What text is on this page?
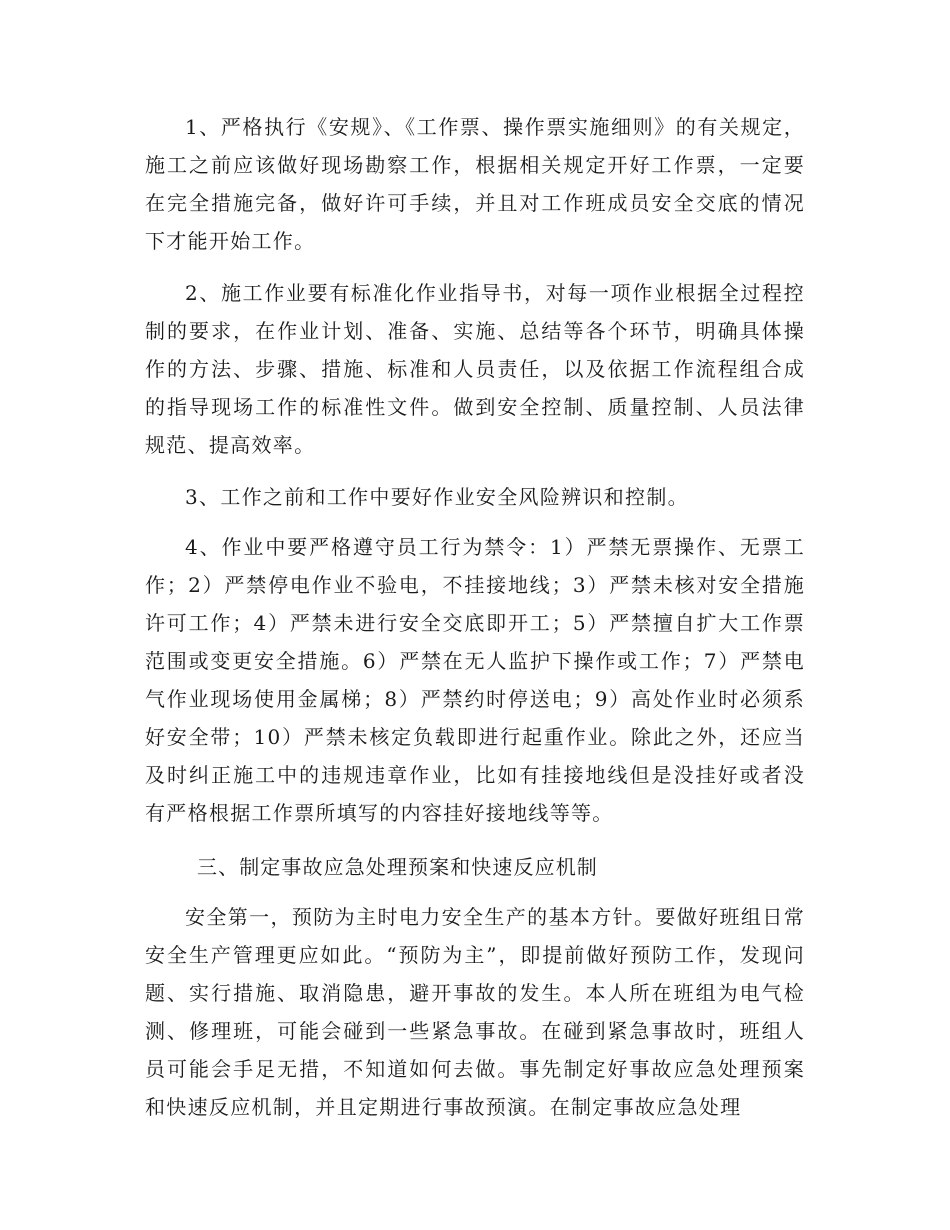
1、严格执行《安规》、《工作票、操作票实施细则》的有关规定，施工之前应该做好现场勘察工作，根据相关规定开好工作票，一定要在完全措施完备，做好许可手续，并且对工作班成员安全交底的情况下才能开始工作。

2、施工作业要有标准化作业指导书，对每一项作业根据全过程控制的要求，在作业计划、准备、实施、总结等各个环节，明确具体操作的方法、步骤、措施、标准和人员责任，以及依据工作流程组合成的指导现场工作的标准性文件。做到安全控制、质量控制、人员法律规范、提高效率。

3、工作之前和工作中要好作业安全风险辨识和控制。

4、作业中要严格遵守员工行为禁令：1）严禁无票操作、无票工作；2）严禁停电作业不验电，不挂接地线；3）严禁未核对安全措施许可工作；4）严禁未进行安全交底即开工；5）严禁擅自扩大工作票范围或变更安全措施。6）严禁在无人监护下操作或工作；7）严禁电气作业现场使用金属梯；8）严禁约时停送电；9）高处作业时必须系好安全带；10）严禁未核定负载即进行起重作业。除此之外，还应当及时纠正施工中的违规违章作业，比如有挂接地线但是没挂好或者没有严格根据工作票所填写的内容挂好接地线等等。

三、制定事故应急处理预案和快速反应机制

安全第一，预防为主时电力安全生产的基本方针。要做好班组日常安全生产管理更应如此。“预防为主”，即提前做好预防工作，发现问题、实行措施、取消隐患，避开事故的发生。本人所在班组为电气检测、修理班，可能会碰到一些紧急事故。在碰到紧急事故时，班组人员可能会手足无措，不知道如何去做。事先制定好事故应急处理预案和快速反应机制，并且定期进行事故预演。在制定事故应急处理
